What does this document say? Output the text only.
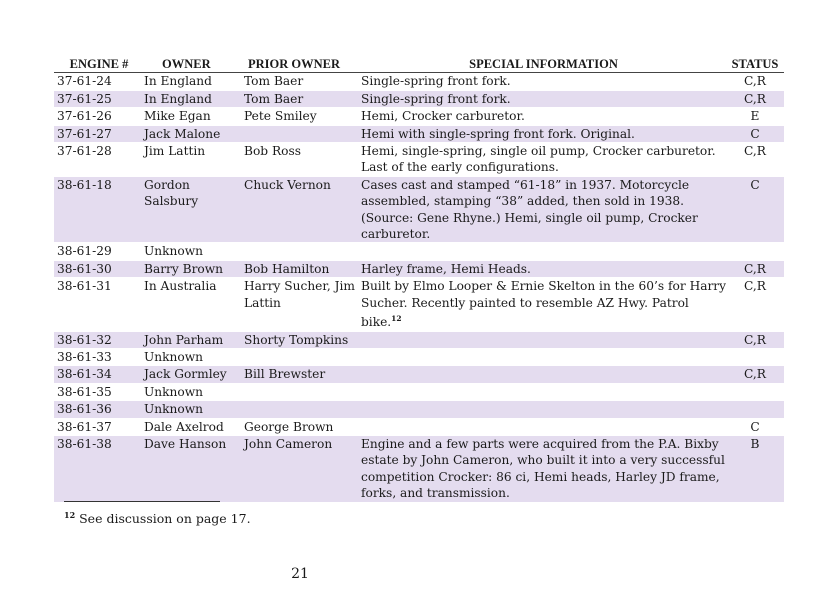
ENGINE #	OWNER	PRIOR OWNER	SPECIAL INFORMATION	STATUS
37-61-24	In England	Tom Baer	Single-spring front fork.	C,R
37-61-25	In England	Tom Baer	Single-spring front fork.	C,R
37-61-26	Mike Egan	Pete Smiley	Hemi, Crocker carburetor.	E
37-61-27	Jack Malone		Hemi with single-spring front fork. Original.	C
37-61-28	Jim Lattin	Bob Ross	Hemi, single-spring, single oil pump, Crocker carburetor. Last of the early configurations.	C,R
38-61-18	Gordon Salsbury	Chuck Vernon	Cases cast and stamped “61-18” in 1937. Motorcycle assembled, stamping “38” added, then sold in 1938. (Source: Gene Rhyne.) Hemi, single oil pump, Crocker carburetor.	C
38-61-29	Unknown			
38-61-30	Barry Brown	Bob Hamilton	Harley frame, Hemi Heads.	C,R
38-61-31	In Australia	Harry Sucher, Jim Lattin	Built by Elmo Looper & Ernie Skelton in the 60’s for Harry Sucher. Recently painted to resemble AZ Hwy. Patrol bike.$^{12}$	C,R
38-61-32	John Parham	Shorty Tompkins		C,R
38-61-33	Unknown			
38-61-34	Jack Gormley	Bill Brewster		C,R
38-61-35	Unknown			
38-61-36	Unknown			
38-61-37	Dale Axelrod	George Brown		C
38-61-38	Dave Hanson	John Cameron	Engine and a few parts were acquired from the P.A. Bixby estate by John Cameron, who built it into a very successful competition Crocker: 86 ci, Hemi heads, Harley JD frame, forks, and transmission.	B
$^{12}$ See discussion on page 17.
21
